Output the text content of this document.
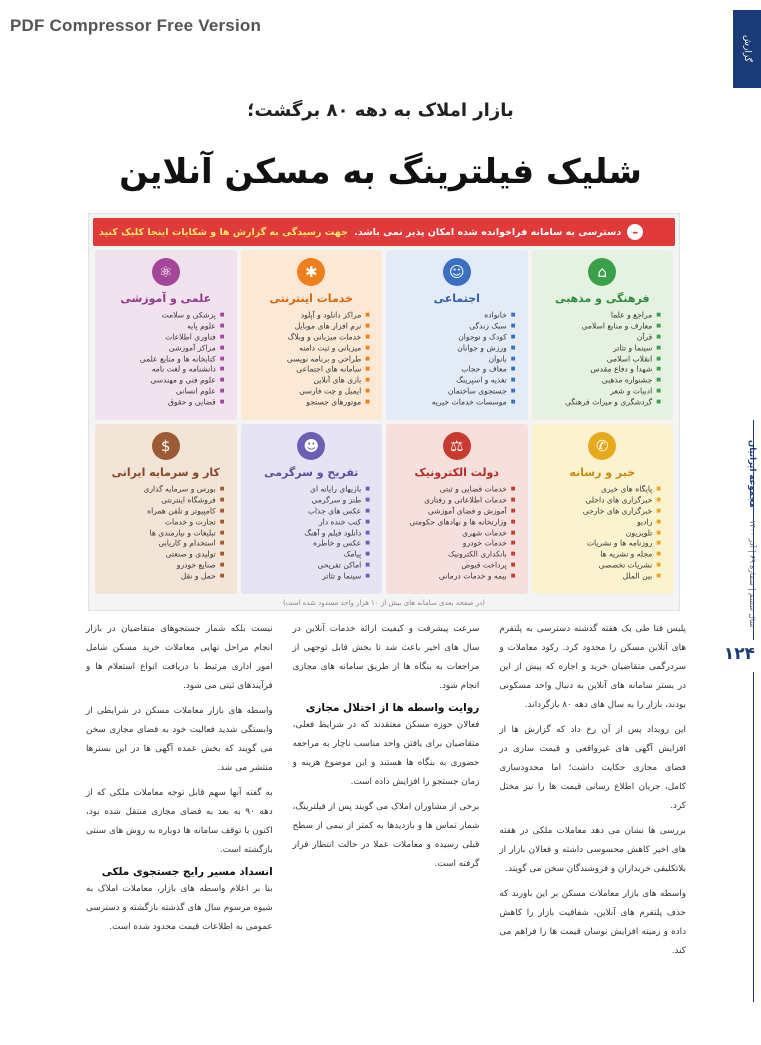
PDF Compressor Free Version
گزارش
مجموعه ایرانیان
سال ششم | شماره ۶۹ | آذر ۱۴۰۰
۱۲۴
بازار املاک به دهه ۸۰ برگشت؛
شلیک فیلترینگ به مسکن آنلاین
–
دسترسی به سامانه فراخوانده شده امکان پذیر نمی باشد. جهت رسیدگی به گزارش ها و شکایات اینجا کلیک کنید
⌂
فرهنگی و مذهبی
■ مراجع و علما
■ معارف و منابع اسلامی
■ قرآن
■ سینما و تئاتر
■ انقلاب اسلامی
■ شهدا و دفاع مقدس
■ جشنواره مذهبی
■ ادبیات و شعر
■ گردشگری و میراث فرهنگی
☺
اجتماعی
■ خانواده
■ سبک زندگی
■ کودک و نوجوان
■ ورزش و جوانان
■ بانوان
■ معاف و حجاب
■ تغذیه و اسپرینگ
■ جستجوی ساختمان
■ موسسات خدمات خیریه
✱
خدمات اینترنتی
■ مراکز دانلود و آپلود
■ نرم افزار های موبایل
■ خدمات میزبانی و وبلاگ
■ میزبانی و ثبت دامنه
■ طراحی و برنامه نویسی
■ سامانه های اجتماعی
■ بازی های آنلاین
■ ایمیل و چت فارسی
■ موتورهای جستجو
⚛
علمی و آموزشی
■ پزشکی و سلامت
■ علوم پایه
■ فناوری اطلاعات
■ مراکز آموزشی
■ کتابخانه ها و منابع علمی
■ دانشنامه و لغت نامه
■ علوم فنی و مهندسی
■ علوم انسانی
■ قضایی و حقوق
✆
خبر و رسانه
■ پایگاه های خبری
■ خبرگزاری های داخلی
■ خبرگزاری های خارجی
■ رادیو
■ تلویزیون
■ روزنامه ها و نشریات
■ مجله و نشریه ها
■ نشریات تخصصی
■ بین الملل
⚖
دولت الکترونیک
■ خدمات قضایی و ثبتی
■ خدمات اطلاعاتی و رفتاری
■ آموزش و فضای آموزشی
■ وزارتخانه ها و نهادهای حکومتی
■ خدمات شهری
■ خدمات خودرو
■ بانکداری الکترونیک
■ پرداخت قبوض
■ بیمه و خدمات درمانی
☻
تفریح و سرگرمی
■ بازیهای رایانه ای
■ طنز و سرگرمی
■ عکس های جذاب
■ کتب خنده دار
■ دانلود فیلم و آهنگ
■ عکس و خاطره
■ پیامک
■ اماکن تفریحی
■ سینما و تئاتر
$
کار و سرمایه ایرانی
■ بورس و سرمایه گذاری
■ فروشگاه اینترنتی
■ کامپیوتر و تلفن همراه
■ تجارت و خدمات
■ تبلیغات و نیازمندی ها
■ استخدام و کاریابی
■ تولیدی و صنعتی
■ صنایع خودرو
■ حمل و نقل
(در صفحه بعدی سامانه های بیش از ۱۰ هزار واحد مسدود شده است)

پلیس فتا طی یک هفته گذشته دسترسی به پلتفرم های آنلاین مسکن را محدود کرد. رکود معاملات و سردرگمی متقاضیان خرید و اجاره که پیش از این در بستر سامانه های آنلاین به دنبال واحد مسکونی بودند، بازار را به سال های دهه ۸۰ بازگرداند.

این رویداد پس از آن رخ داد که گزارش ها از افزایش آگهی های غیرواقعی و قیمت سازی در فضای مجازی حکایت داشت؛ اما محدودسازی کامل، جریان اطلاع رسانی قیمت ها را نیز مختل کرد.

بررسی ها نشان می دهد معاملات ملکی در هفته های اخیر کاهش محسوسی داشته و فعالان بازار از بلاتکلیفی خریداران و فروشندگان سخن می گویند.

واسطه های بازار معاملات مسکن بر این باورند که حذف پلتفرم های آنلاین، شفافیت بازار را کاهش داده و زمینه افزایش نوسان قیمت ها را فراهم می کند.

سرعت پیشرفت و کیفیت ارائه خدمات آنلاین در سال های اخیر باعث شد تا بخش قابل توجهی از مراجعات به بنگاه ها از طریق سامانه های مجازی انجام شود.

روایت واسطه ها از اختلال مجازی

فعالان حوزه مسکن معتقدند که در شرایط فعلی، متقاضیان برای یافتن واحد مناسب ناچار به مراجعه حضوری به بنگاه ها هستند و این موضوع هزینه و زمان جستجو را افزایش داده است.

برخی از مشاوران املاک می گویند پس از فیلترینگ، شمار تماس ها و بازدیدها به کمتر از نیمی از سطح قبلی رسیده و معاملات عملا در حالت انتظار قرار گرفته است.

نیست بلکه شمار جستجوهای متقاضیان در بازار انجام مراحل نهایی معاملات خرید مسکن شامل امور اداری مرتبط با دریافت انواع استعلام ها و فرآیندهای ثبتی می شود.

واسطه های بازار معاملات مسکن در شرایطی از وابستگی شدید فعالیت خود به فضای مجازی سخن می گویند که بخش عمده آگهی ها در این بسترها منتشر می شد.

به گفته آنها سهم قابل توجه معاملات ملکی که از دهه ۹۰ به بعد به فضای مجازی منتقل شده بود، اکنون با توقف سامانه ها دوباره به روش های سنتی بازگشته است.

انسداد مسیر رایج جستجوی ملکی

بنا بر اعلام واسطه های بازار، معاملات املاک به شیوه مرسوم سال های گذشته بازگشته و دسترسی عمومی به اطلاعات قیمت محدود شده است.
